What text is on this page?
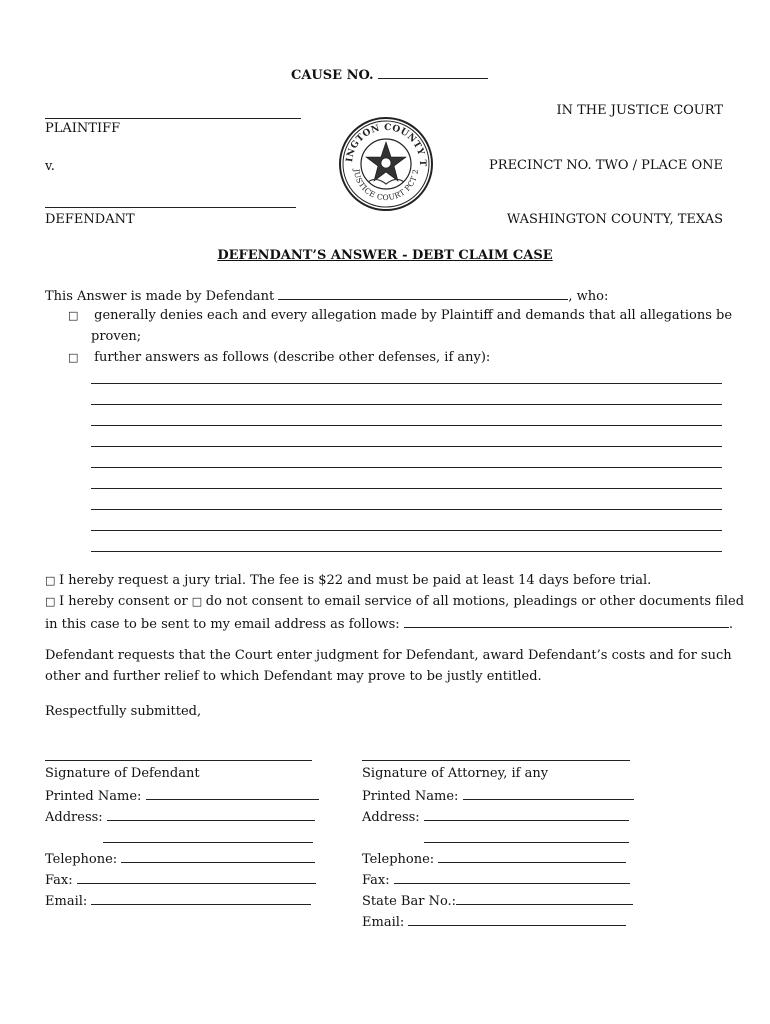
CAUSE NO.
PLAINTIFF
v.
DEFENDANT
IN THE JUSTICE COURT
PRECINCT NO. TWO / PLACE ONE
WASHINGTON COUNTY, TEXAS
INGTON COUNTY T
JUSTICE COURT PCT 2
DEFENDANT’S ANSWER - DEBT CLAIM CASE
This Answer is made by Defendant	, who:
□ generally denies each and every allegation made by Plaintiff and demands that all allegations be
proven;
□ further answers as follows (describe other defenses, if any):
□ I hereby request a jury trial. The fee is $22 and must be paid at least 14 days before trial.
□ I hereby consent or □ do not consent to email service of all motions, pleadings or other documents filed
in this case to be sent to my email address as follows:	.
Defendant requests that the Court enter judgment for Defendant, award Defendant’s costs and for such
other and further relief to which Defendant may prove to be justly entitled.
Respectfully submitted,
Signature of Defendant
Printed Name:
Address:
Telephone:
Fax:
Email:
Signature of Attorney, if any
Printed Name:
Address:
Telephone:
Fax:
State Bar No.:
Email:
